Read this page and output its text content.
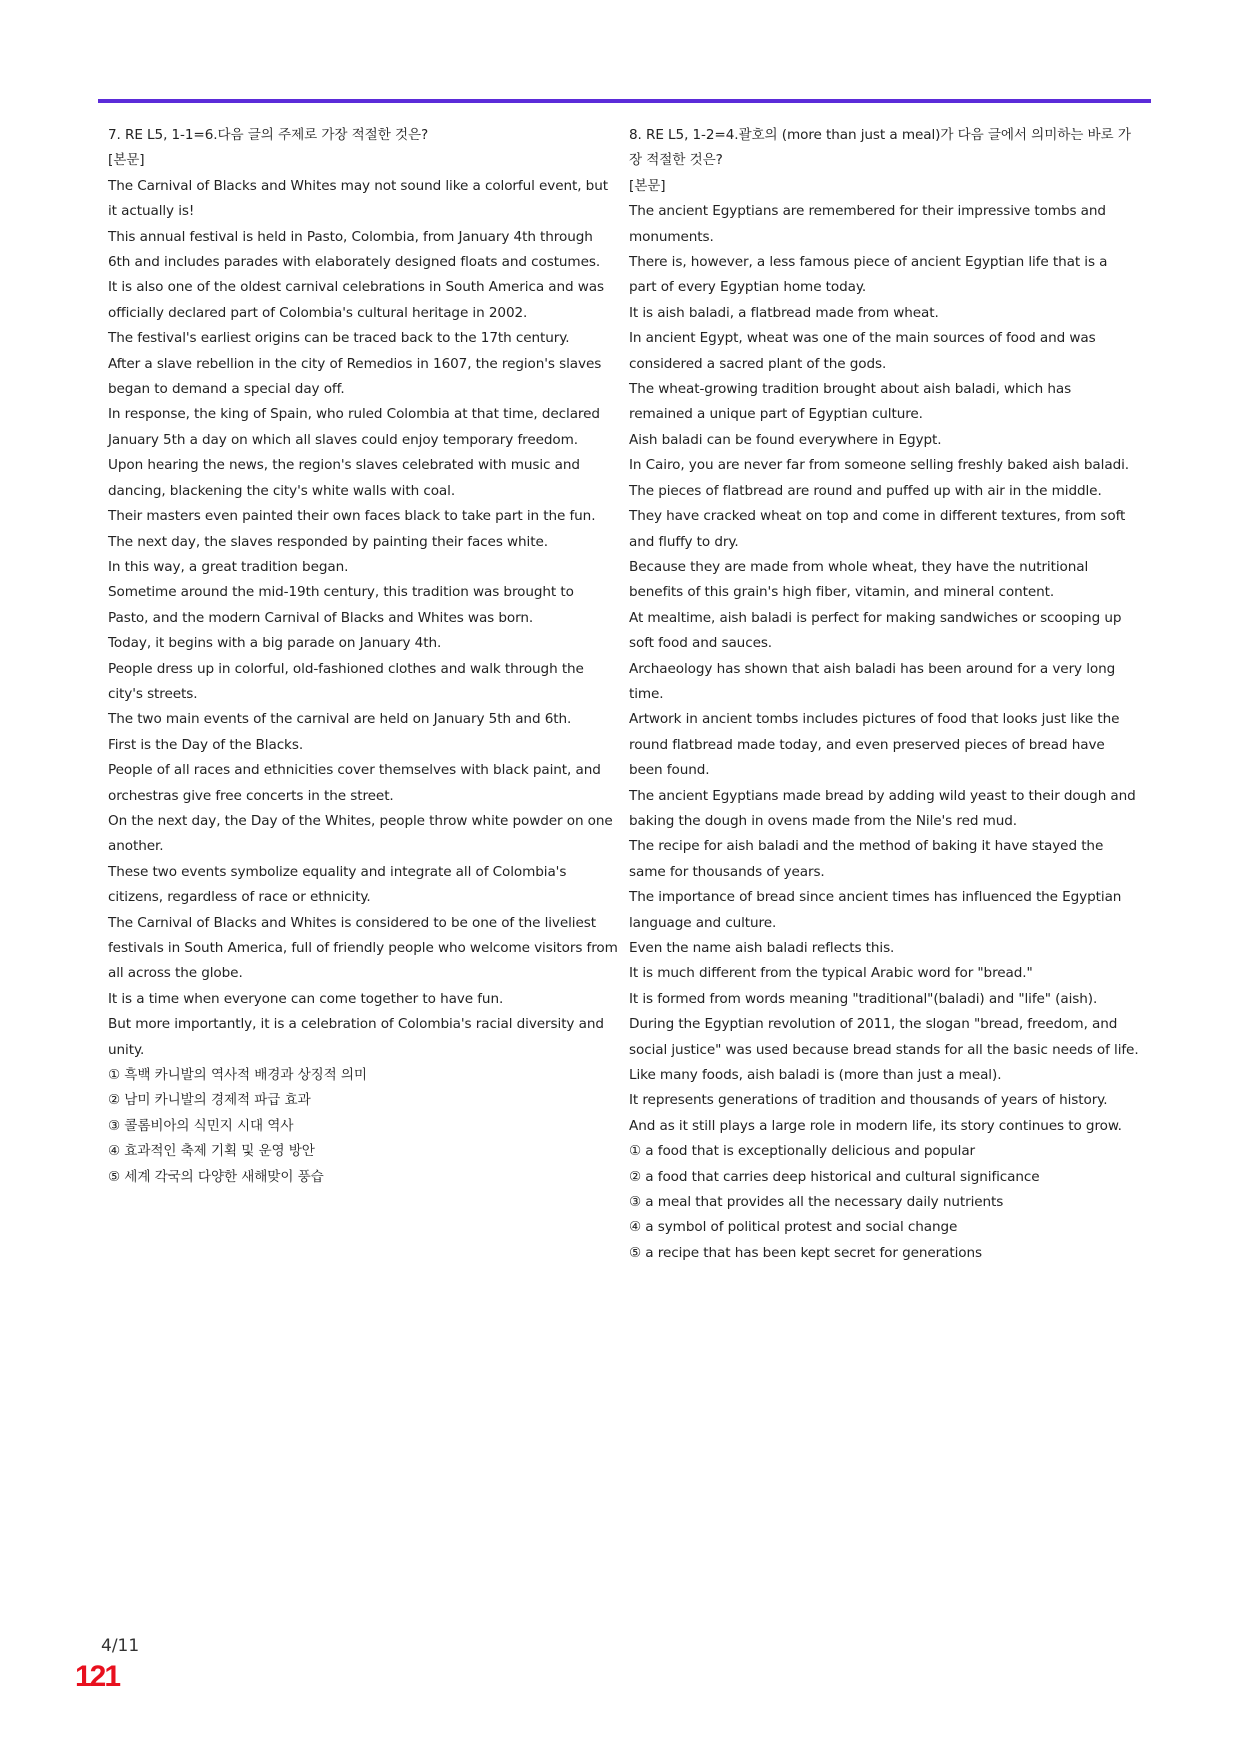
7. RE L5, 1-1=6.다음 글의 주제로 가장 적절한 것은?

[본문]

The Carnival of Blacks and Whites may not sound like a colorful event, but it actually is!

This annual festival is held in Pasto, Colombia, from January 4th through 6th and includes parades with elaborately designed floats and costumes.

It is also one of the oldest carnival celebrations in South America and was officially declared part of Colombia's cultural heritage in 2002.

The festival's earliest origins can be traced back to the 17th century.

After a slave rebellion in the city of Remedios in 1607, the region's slaves began to demand a special day off.

In response, the king of Spain, who ruled Colombia at that time, declared January 5th a day on which all slaves could enjoy temporary freedom.

Upon hearing the news, the region's slaves celebrated with music and dancing, blackening the city's white walls with coal.

Their masters even painted their own faces black to take part in the fun.

The next day, the slaves responded by painting their faces white.

In this way, a great tradition began.

Sometime around the mid-19th century, this tradition was brought to Pasto, and the modern Carnival of Blacks and Whites was born.

Today, it begins with a big parade on January 4th.

People dress up in colorful, old-fashioned clothes and walk through the city's streets.

The two main events of the carnival are held on January 5th and 6th.

First is the Day of the Blacks.

People of all races and ethnicities cover themselves with black paint, and orchestras give free concerts in the street.

On the next day, the Day of the Whites, people throw white powder on one another.

These two events symbolize equality and integrate all of Colombia's citizens, regardless of race or ethnicity.

The Carnival of Blacks and Whites is considered to be one of the liveliest festivals in South America, full of friendly people who welcome visitors from all across the globe.

It is a time when everyone can come together to have fun.

But more importantly, it is a celebration of Colombia's racial diversity and unity.

① 흑백 카니발의 역사적 배경과 상징적 의미

② 남미 카니발의 경제적 파급 효과

③ 콜롬비아의 식민지 시대 역사

④ 효과적인 축제 기획 및 운영 방안

⑤ 세계 각국의 다양한 새해맞이 풍습

8. RE L5, 1-2=4.괄호의 (more than just a meal)가 다음 글에서 의미하는 바로 가장 적절한 것은?

[본문]

The ancient Egyptians are remembered for their impressive tombs and monuments.

There is, however, a less famous piece of ancient Egyptian life that is a part of every Egyptian home today.

It is aish baladi, a flatbread made from wheat.

In ancient Egypt, wheat was one of the main sources of food and was considered a sacred plant of the gods.

The wheat-growing tradition brought about aish baladi, which has remained a unique part of Egyptian culture.

Aish baladi can be found everywhere in Egypt.

In Cairo, you are never far from someone selling freshly baked aish baladi.

The pieces of flatbread are round and puffed up with air in the middle.

They have cracked wheat on top and come in different textures, from soft and fluffy to dry.

Because they are made from whole wheat, they have the nutritional benefits of this grain's high fiber, vitamin, and mineral content.

At mealtime, aish baladi is perfect for making sandwiches or scooping up soft food and sauces.

Archaeology has shown that aish baladi has been around for a very long time.

Artwork in ancient tombs includes pictures of food that looks just like the round flatbread made today, and even preserved pieces of bread have been found.

The ancient Egyptians made bread by adding wild yeast to their dough and baking the dough in ovens made from the Nile's red mud.

The recipe for aish baladi and the method of baking it have stayed the same for thousands of years.

The importance of bread since ancient times has influenced the Egyptian language and culture.

Even the name aish baladi reflects this.

It is much different from the typical Arabic word for "bread."

It is formed from words meaning "traditional"(baladi) and "life" (aish).

During the Egyptian revolution of 2011, the slogan "bread, freedom, and social justice" was used because bread stands for all the basic needs of life.

Like many foods, aish baladi is (more than just a meal).

It represents generations of tradition and thousands of years of history.

And as it still plays a large role in modern life, its story continues to grow.

① a food that is exceptionally delicious and popular

② a food that carries deep historical and cultural significance

③ a meal that provides all the necessary daily nutrients

④ a symbol of political protest and social change

⑤ a recipe that has been kept secret for generations

4/11
121
